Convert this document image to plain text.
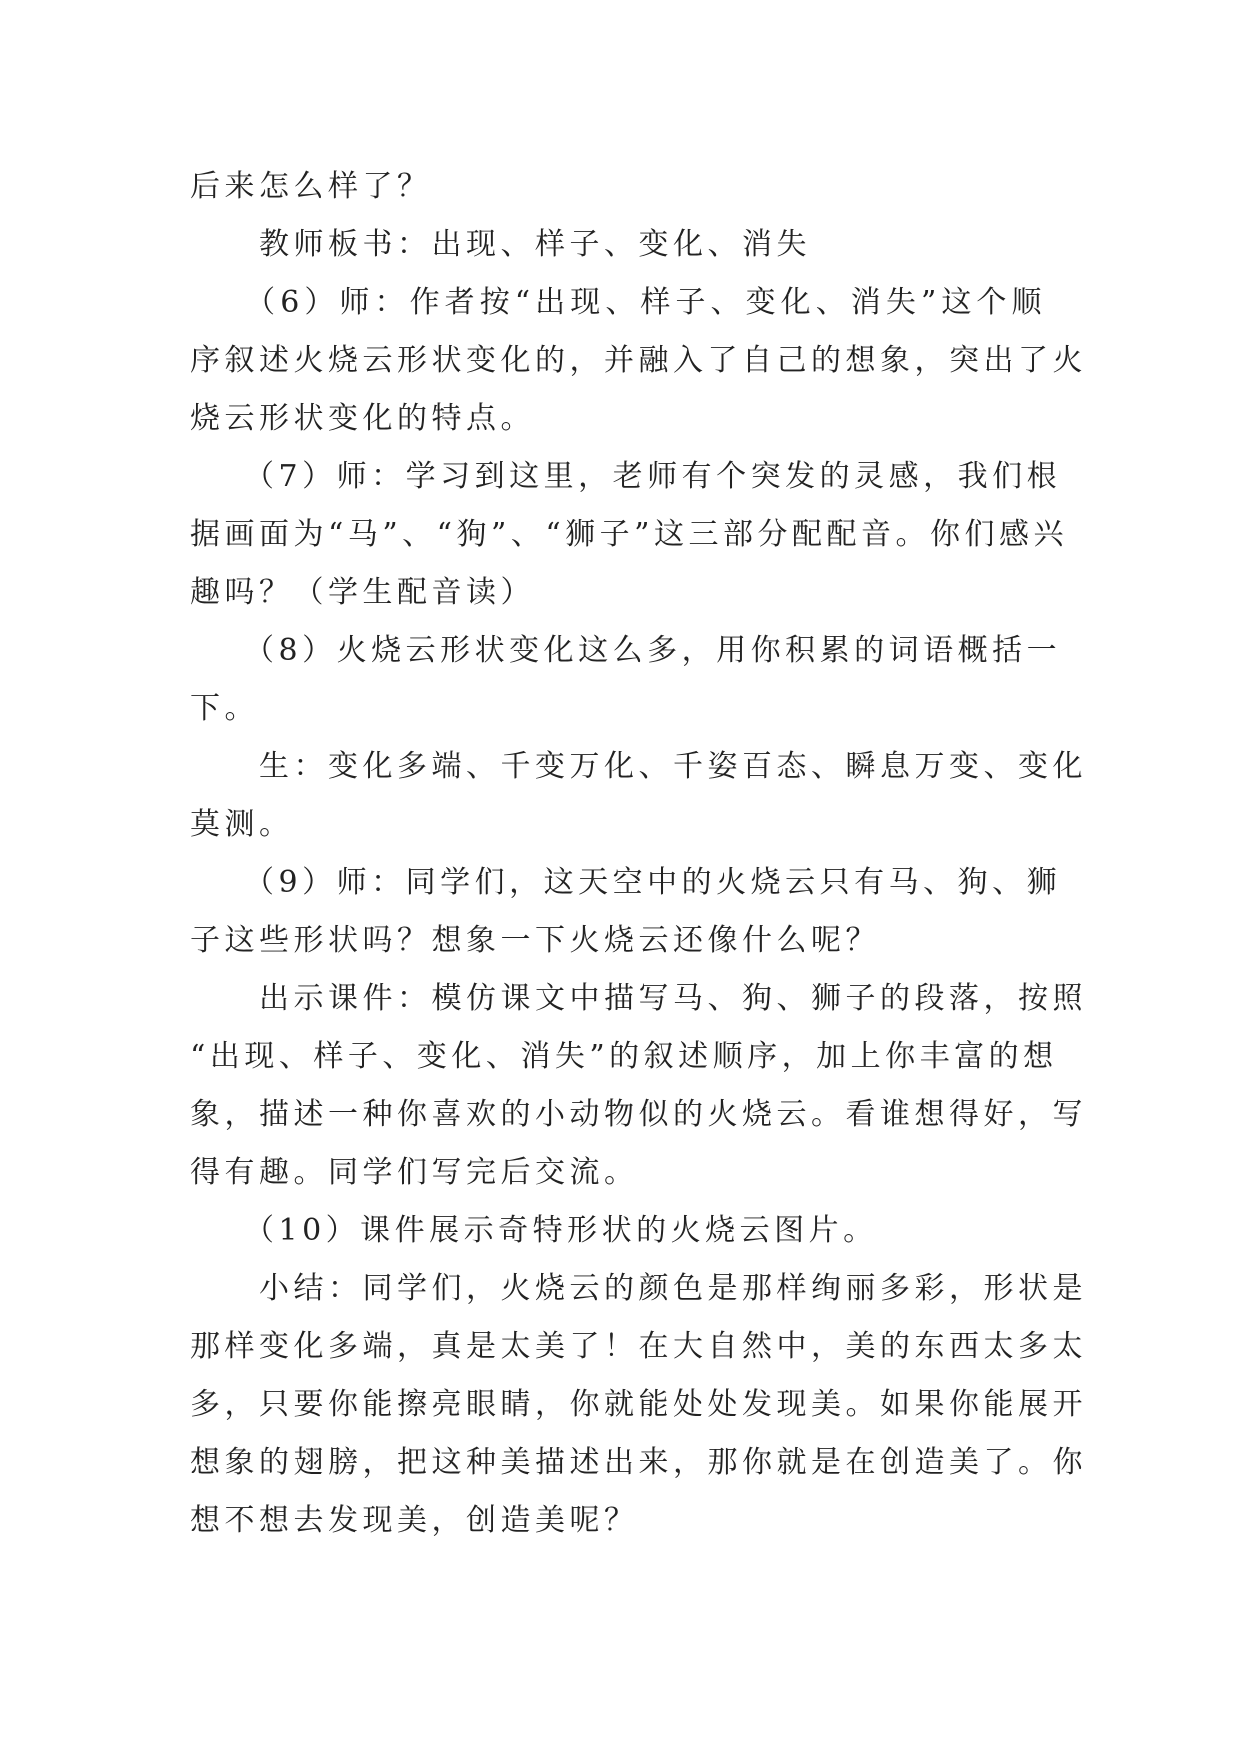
后来怎么样了？

　　教师板书：出现、样子、变化、消失

　　（6）师：作者按“出现、样子、变化、消失”这个顺
序叙述火烧云形状变化的，并融入了自己的想象，突出了火
烧云形状变化的特点。

　　（7）师：学习到这里，老师有个突发的灵感，我们根
据画面为“马”、“狗”、“狮子”这三部分配配音。你们感兴
趣吗？（学生配音读）

　　（8）火烧云形状变化这么多，用你积累的词语概括一
下。

　　生：变化多端、千变万化、千姿百态、瞬息万变、变化
莫测。

　　（9）师：同学们，这天空中的火烧云只有马、狗、狮
子这些形状吗？想象一下火烧云还像什么呢？

　　出示课件：模仿课文中描写马、狗、狮子的段落，按照
“出现、样子、变化、消失”的叙述顺序，加上你丰富的想
象，描述一种你喜欢的小动物似的火烧云。看谁想得好，写
得有趣。同学们写完后交流。

　　（10）课件展示奇特形状的火烧云图片。

　　小结：同学们，火烧云的颜色是那样绚丽多彩，形状是
那样变化多端，真是太美了！在大自然中，美的东西太多太
多，只要你能擦亮眼睛，你就能处处发现美。如果你能展开
想象的翅膀，把这种美描述出来，那你就是在创造美了。你
想不想去发现美，创造美呢？
